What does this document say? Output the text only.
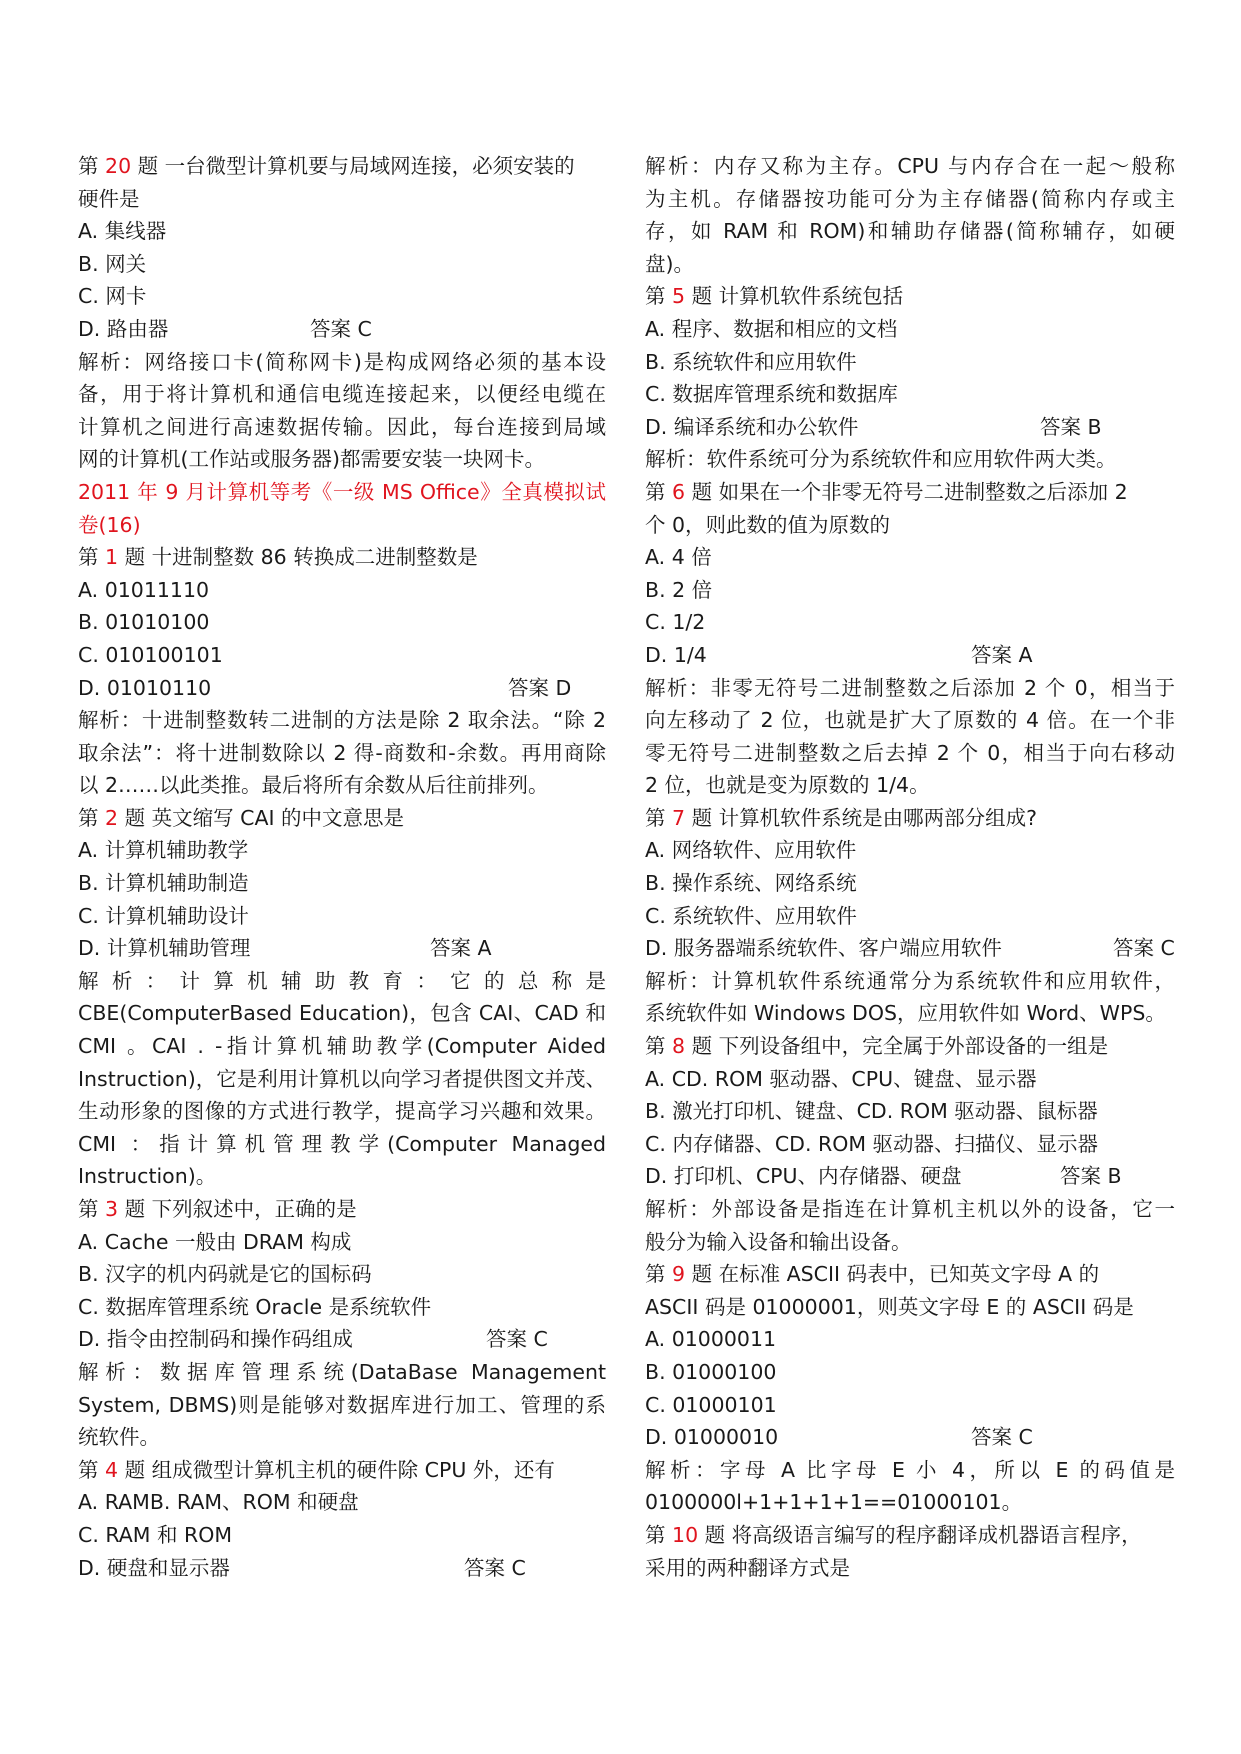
第 20 题 一台微型计算机要与局域网连接，必须安装的
硬件是
A. 集线器
B. 网关
C. 网卡
D. 路由器	答案 C
解析：网络接口卡(简称网卡)是构成网络必须的基本设
备，用于将计算机和通信电缆连接起来，以便经电缆在
计算机之间进行高速数据传输。因此，每台连接到局域
网的计算机(工作站或服务器)都需要安装一块网卡。
2011 年 9 月计算机等考《一级 MS Office》全真模拟试
卷(16)
第 1 题 十进制整数 86 转换成二进制整数是
A. 01011110
B. 01010100
C. 010100101
D. 01010110	答案 D
解析：十进制整数转二进制的方法是除 2 取余法。“除 2
取余法”：将十进制数除以 2 得-商数和-余数。再用商除
以 2……以此类推。最后将所有余数从后往前排列。
第 2 题 英文缩写 CAI 的中文意思是
A. 计算机辅助教学
B. 计算机辅助制造
C. 计算机辅助设计
D. 计算机辅助管理	答案 A
解析：计算机辅助教育：它的总称是
CBE(ComputerBased Education)，包含 CAI、CAD 和
CMI 。CAI . -指计算机辅助教学(Computer Aided
Instruction)，它是利用计算机以向学习者提供图文并茂、
生动形象的图像的方式进行教学，提高学习兴趣和效果。
CMI ：指计算机管理教学(Computer Managed
Instruction)。
第 3 题 下列叙述中，正确的是
A. Cache 一般由 DRAM 构成
B. 汉字的机内码就是它的国标码
C. 数据库管理系统 Oracle 是系统软件
D. 指令由控制码和操作码组成	答案 C
解析：数据库管理系统(DataBase Management
System, DBMS)则是能够对数据库进行加工、管理的系
统软件。
第 4 题 组成微型计算机主机的硬件除 CPU 外，还有
A. RAMB. RAM、ROM 和硬盘
C. RAM 和 ROM
D. 硬盘和显示器	答案 C
解析：内存又称为主存。CPU 与内存合在一起～般称
为主机。存储器按功能可分为主存储器(简称内存或主
存，如 RAM 和 ROM)和辅助存储器(简称辅存，如硬
盘)。
第 5 题 计算机软件系统包括
A. 程序、数据和相应的文档
B. 系统软件和应用软件
C. 数据库管理系统和数据库
D. 编译系统和办公软件	答案 B
解析：软件系统可分为系统软件和应用软件两大类。
第 6 题 如果在一个非零无符号二进制整数之后添加 2
个 0，则此数的值为原数的
A. 4 倍
B. 2 倍
C. 1/2
D. 1/4	答案 A
解析：非零无符号二进制整数之后添加 2 个 0，相当于
向左移动了 2 位，也就是扩大了原数的 4 倍。在一个非
零无符号二进制整数之后去掉 2 个 0，相当于向右移动
2 位，也就是变为原数的 1/4。
第 7 题 计算机软件系统是由哪两部分组成?
A. 网络软件、应用软件
B. 操作系统、网络系统
C. 系统软件、应用软件
D. 服务器端系统软件、客户端应用软件	答案 C
解析：计算机软件系统通常分为系统软件和应用软件，
系统软件如 Windows DOS，应用软件如 Word、WPS。
第 8 题 下列设备组中，完全属于外部设备的一组是
A. CD. ROM 驱动器、CPU、键盘、显示器
B. 激光打印机、键盘、CD. ROM 驱动器、鼠标器
C. 内存储器、CD. ROM 驱动器、扫描仪、显示器
D. 打印机、CPU、内存储器、硬盘	答案 B
解析：外部设备是指连在计算机主机以外的设备，它一
般分为输入设备和输出设备。
第 9 题 在标准 ASCII 码表中，已知英文字母 A 的
ASCII 码是 01000001，则英文字母 E 的 ASCII 码是
A. 01000011
B. 01000100
C. 01000101
D. 01000010	答案 C
解析：字母 A 比字母 E 小 4，所以 E 的码值是
0100000l+1+1+1+1==01000101。
第 10 题 将高级语言编写的程序翻译成机器语言程序，
采用的两种翻译方式是
